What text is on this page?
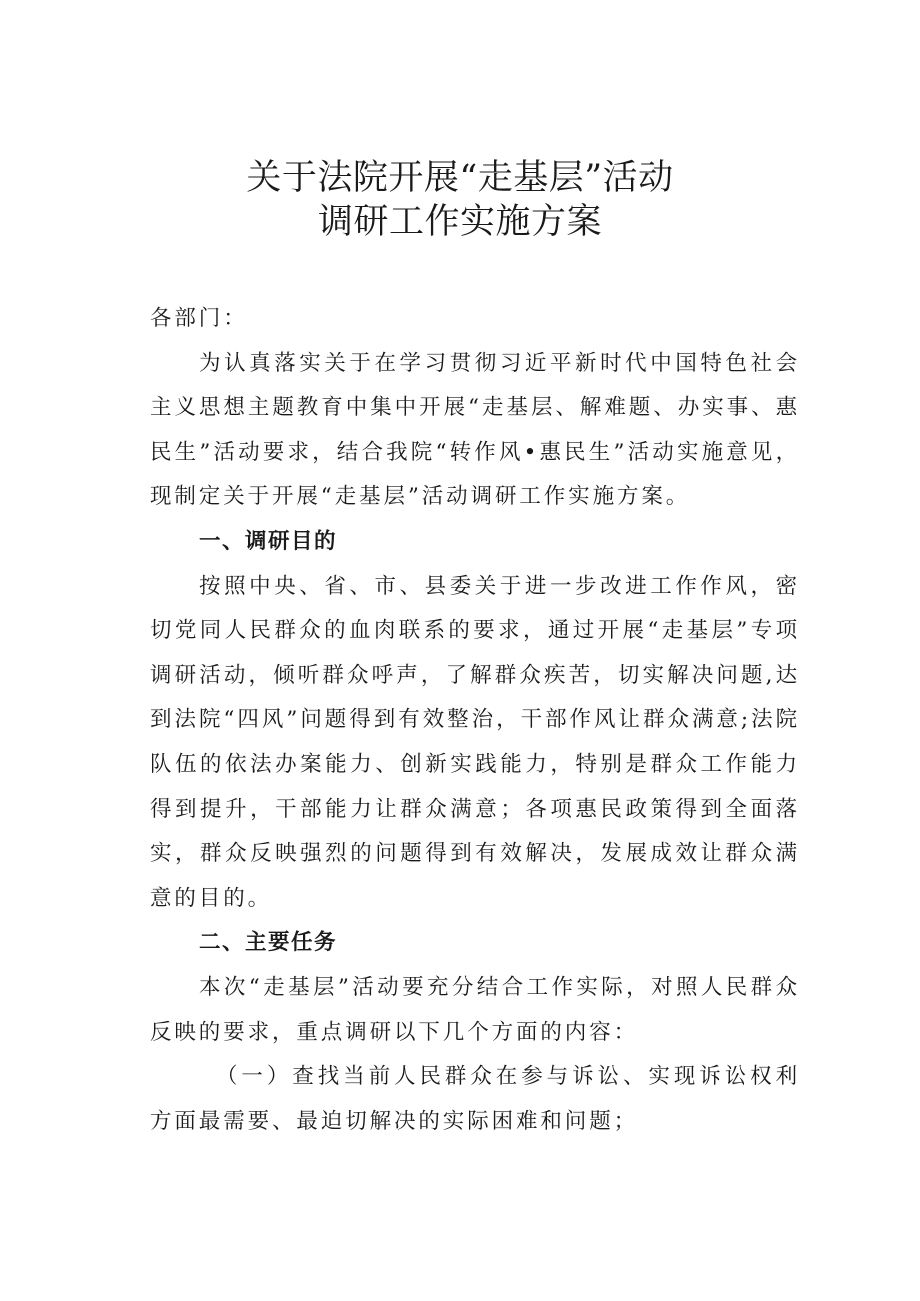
关于法院开展“走基层”活动
调研工作实施方案

各部门：

为认真落实关于在学习贯彻习近平新时代中国特色社会主义思想主题教育中集中开展“走基层、解难题、办实事、惠民生”活动要求，结合我院“转作风•惠民生”活动实施意见，现制定关于开展“走基层”活动调研工作实施方案。

一、调研目的

按照中央、省、市、县委关于进一步改进工作作风，密切党同人民群众的血肉联系的要求，通过开展“走基层”专项调研活动，倾听群众呼声，了解群众疾苦，切实解决问题,达到法院“四风”问题得到有效整治，干部作风让群众满意;法院队伍的依法办案能力、创新实践能力，特别是群众工作能力得到提升，干部能力让群众满意；各项惠民政策得到全面落实，群众反映强烈的问题得到有效解决，发展成效让群众满意的目的。

二、主要任务

本次“走基层”活动要充分结合工作实际，对照人民群众反映的要求，重点调研以下几个方面的内容：

（一）查找当前人民群众在参与诉讼、实现诉讼权利方面最需要、最迫切解决的实际困难和问题；
